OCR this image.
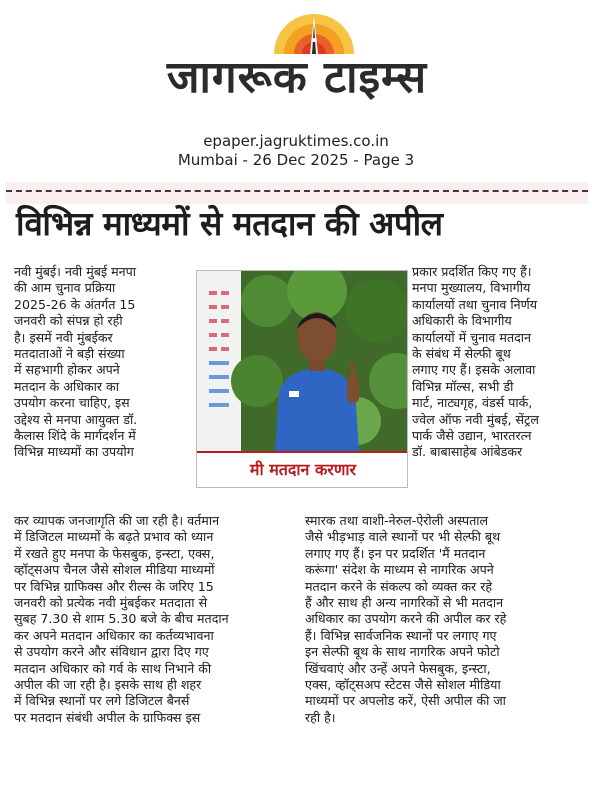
जागरूक टाइम्स
epaper.jagruktimes.co.in
Mumbai - 26 Dec 2025 - Page 3
विभिन्न माध्यमों से मतदान की अपील
नवी मुंबई। नवी मुंबई मनपा
की आम चुनाव प्रक्रिया
2025-26 के अंतर्गत 15
जनवरी को संपन्न हो रही
है। इसमें नवी मुंबईकर
मतदाताओं ने बड़ी संख्या
में सहभागी होकर अपने
मतदान के अधिकार का
उपयोग करना चाहिए, इस
उद्देश्य से मनपा आयुक्त डॉ.
कैलास शिंदे के मार्गदर्शन में
विभिन्न माध्यमों का उपयोग
मी मतदान करणार
प्रकार प्रदर्शित किए गए हैं।
मनपा मुख्यालय, विभागीय
कार्यालयों तथा चुनाव निर्णय
अधिकारी के विभागीय
कार्यालयों में चुनाव मतदान
के संबंध में सेल्फी बूथ
लगाए गए हैं। इसके अलावा
विभिन्न मॉल्स, सभी डी
मार्ट, नाट्यगृह, वंडर्स पार्क,
ज्वेल ऑफ नवी मुंबई, सेंट्रल
पार्क जैसे उद्यान, भारतरत्न
डॉ. बाबासाहेब आंबेडकर
कर व्यापक जनजागृति की जा रही है। वर्तमान
में डिजिटल माध्यमों के बढ़ते प्रभाव को ध्यान
में रखते हुए मनपा के फेसबुक, इन्स्टा, एक्स,
व्हॉट्सअप चैनल जैसे सोशल मीडिया माध्यमों
पर विभिन्न ग्राफिक्स और रील्स के जरिए 15
जनवरी को प्रत्येक नवी मुंबईकर मतदाता से
सुबह 7.30 से शाम 5.30 बजे के बीच मतदान
कर अपने मतदान अधिकार का कर्तव्यभावना
से उपयोग करने और संविधान द्वारा दिए गए
मतदान अधिकार को गर्व के साथ निभाने की
अपील की जा रही है। इसके साथ ही शहर
में विभिन्न स्थानों पर लगे डिजिटल बैनर्स
पर मतदान संबंधी अपील के ग्राफिक्स इस
स्मारक तथा वाशी-नेरुल-ऐरोली अस्पताल
जैसे भीड़भाड़ वाले स्थानों पर भी सेल्फी बूथ
लगाए गए हैं। इन पर प्रदर्शित 'मैं मतदान
करूंगा' संदेश के माध्यम से नागरिक अपने
मतदान करने के संकल्प को व्यक्त कर रहे
हैं और साथ ही अन्य नागरिकों से भी मतदान
अधिकार का उपयोग करने की अपील कर रहे
हैं। विभिन्न सार्वजनिक स्थानों पर लगाए गए
इन सेल्फी बूथ के साथ नागरिक अपने फोटो
खिंचवाएं और उन्हें अपने फेसबुक, इन्स्टा,
एक्स, व्हॉट्सअप स्टेटस जैसे सोशल मीडिया
माध्यमों पर अपलोड करें, ऐसी अपील की जा
रही है।
